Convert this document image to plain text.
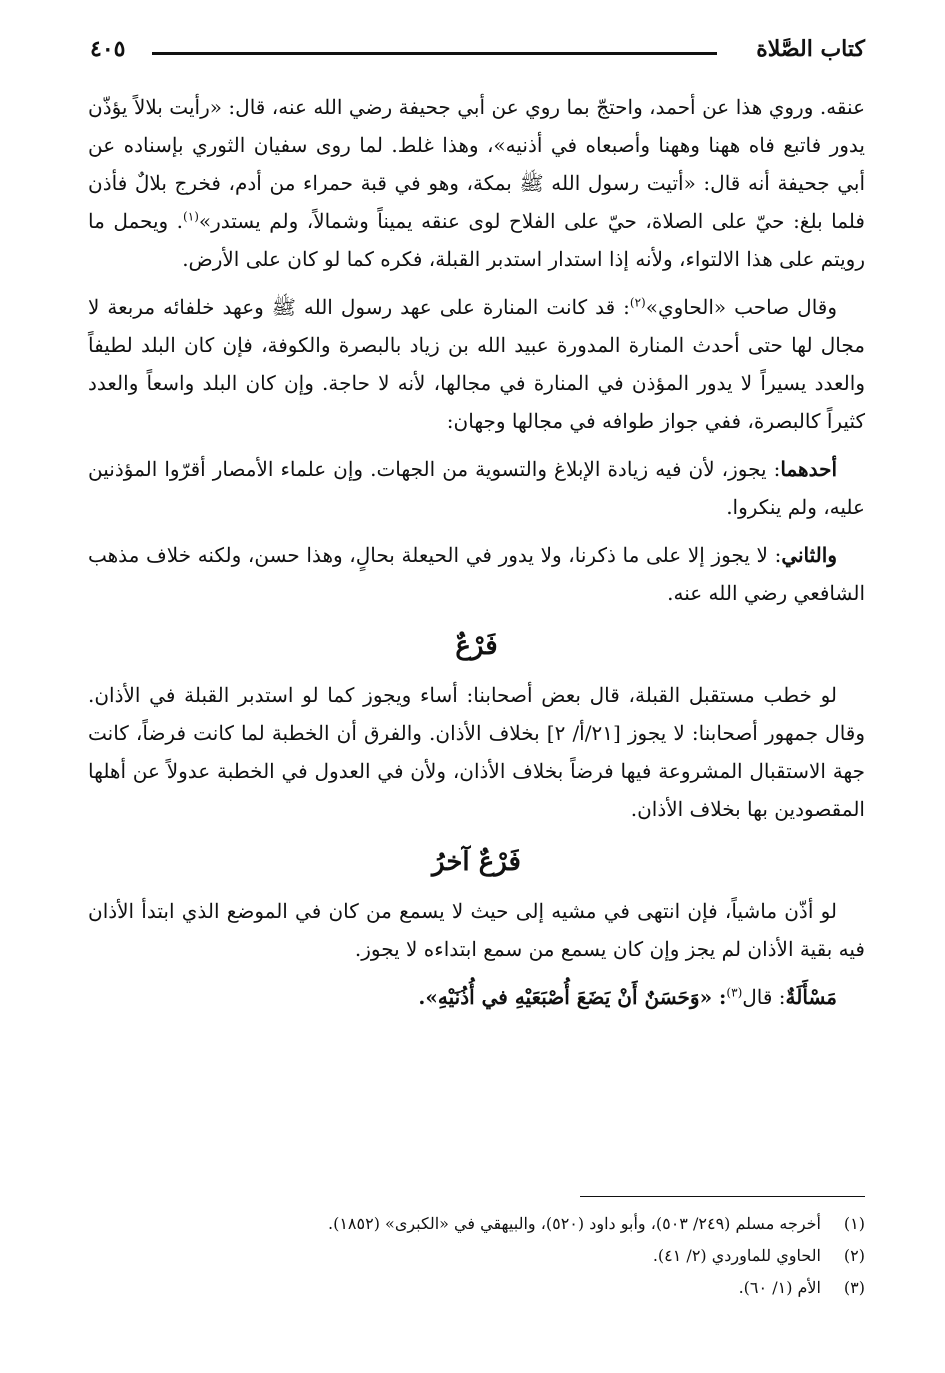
كتاب الصَّلاة
٤٠٥

عنقه. وروي هذا عن أحمد، واحتجّ بما روي عن أبي جحيفة رضي الله عنه، قال: «رأيت بلالاً يؤذّن يدور فاتبع فاه ههنا وههنا وأصبعاه في أذنيه»، وهذا غلط. لما روى سفيان الثوري بإسناده عن أبي جحيفة أنه قال: «أتيت رسول الله ﷺ بمكة، وهو في قبة حمراء من أدم، فخرج بلالٌ فأذن فلما بلغ: حيّ على الصلاة، حيّ على الفلاح لوى عنقه يميناً وشمالاً، ولم يستدر»$^{(١)}$. ويحمل ما رويتم على هذا الالتواء، ولأنه إذا استدار استدبر القبلة، فكره كما لو كان على الأرض.

وقال صاحب «الحاوي»$^{(٢)}$: قد كانت المنارة على عهد رسول الله ﷺ وعهد خلفائه مربعة لا مجال لها حتى أحدث المنارة المدورة عبيد الله بن زياد بالبصرة والكوفة، فإن كان البلد لطيفاً والعدد يسيراً لا يدور المؤذن في المنارة في مجالها، لأنه لا حاجة. وإن كان البلد واسعاً والعدد كثيراً كالبصرة، ففي جواز طوافه في مجالها وجهان:

أحدهما: يجوز، لأن فيه زيادة الإبلاغ والتسوية من الجهات. وإن علماء الأمصار أقرّوا المؤذنين عليه، ولم ينكروا.

والثاني: لا يجوز إلا على ما ذكرنا، ولا يدور في الحيعلة بحالٍ، وهذا حسن، ولكنه خلاف مذهب الشافعي رضي الله عنه.

فَرْعٌ

لو خطب مستقبل القبلة، قال بعض أصحابنا: أساء ويجوز كما لو استدبر القبلة في الأذان. وقال جمهور أصحابنا: لا يجوز [٢١/أ/ ٢] بخلاف الأذان. والفرق أن الخطبة لما كانت فرضاً، كانت جهة الاستقبال المشروعة فيها فرضاً بخلاف الأذان، ولأن في العدول في الخطبة عدولاً عن أهلها المقصودين بها بخلاف الأذان.

فَرْعٌ آخرُ

لو أذّن ماشياً، فإن انتهى في مشيه إلى حيث لا يسمع من كان في الموضع الذي ابتدأ الأذان فيه بقية الأذان لم يجز وإن كان يسمع من سمع ابتداءه لا يجوز.

مَسْأَلَةٌ: قال$^{(٣)}$: «وَحَسَنٌ أَنْ يَضَعَ أُصْبَعَيْهِ في أُذُنَيْهِ».

(١)أخرجه مسلم (٢٤٩/ ٥٠٣)، وأبو داود (٥٢٠)، والبيهقي في «الكبرى» (١٨٥٢).

(٢)الحاوي للماوردي (٢/ ٤١).

(٣)الأم (١/ ٦٠).
